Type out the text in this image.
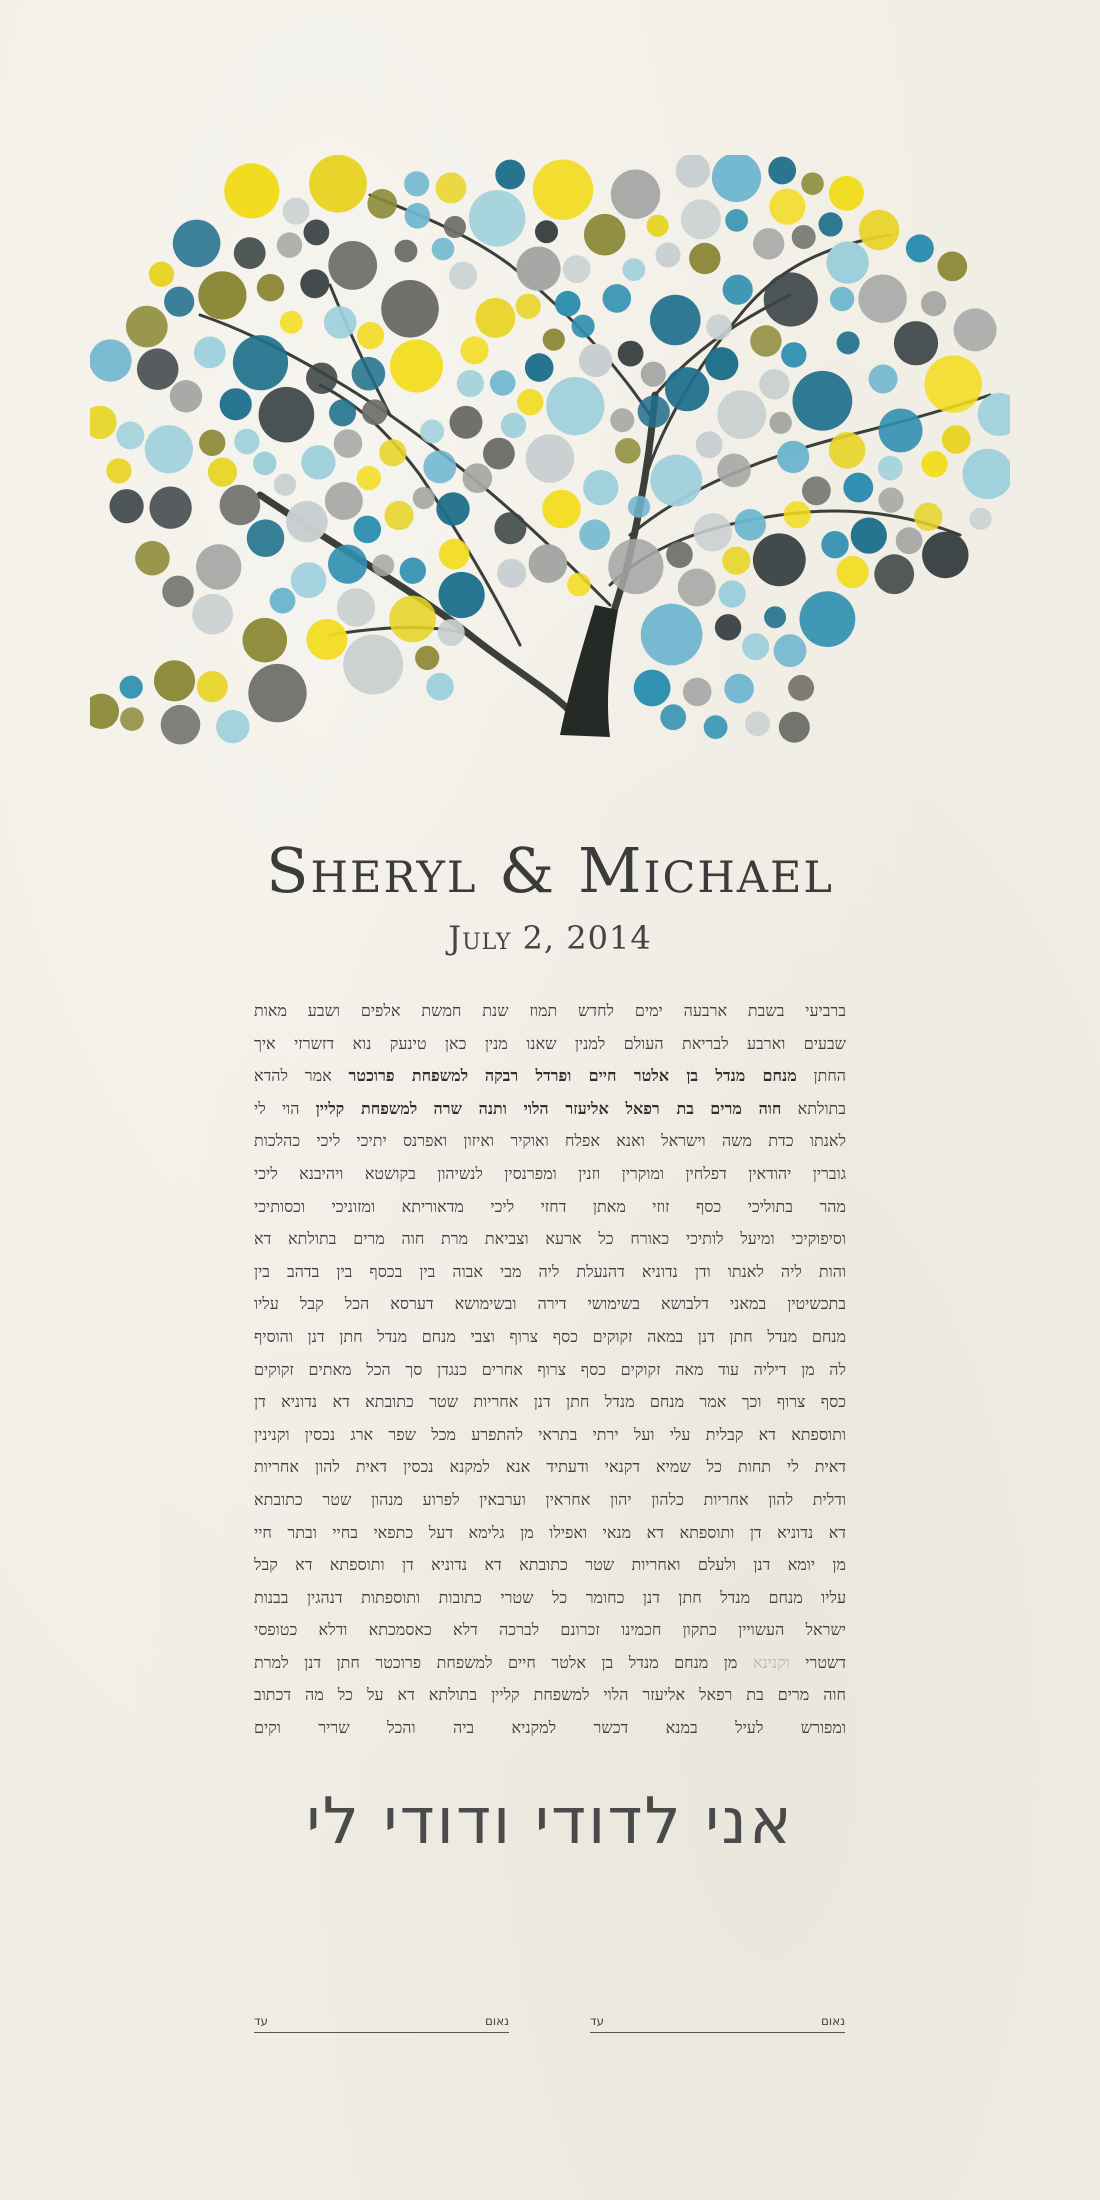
Sheryl & Michael
July 2, 2014
ברביעי בשבת ארבעה ימים לחדש תמוז שנת חמשת אלפים ושבע מאות
שבעים וארבע לבריאת העולם למנין שאנו מנין כאן טינעק נוא דזשרזי איך
החתן מנחם מנדל בן אלטר חיים ופרדל רבקה למשפחת פרוכטר אמר להדא
בתולתא חוה מרים בת רפאל אליעזר הלוי ותנה שרה למשפחת קליין הוי לי
לאנתו כדת משה וישראל ואנא אפלח ואוקיר ואיזון ואפרנס יתיכי ליכי כהלכות
גוברין יהודאין דפלחין ומוקרין וזנין ומפרנסין לנשיהון בקושטא ויהיבנא ליכי
מהר בתוליכי כסף זוזי מאתן דחזי ליכי מדאוריתא ומזוניכי וכסותיכי
וסיפוקיכי ומיעל לותיכי כאורח כל ארעא וצביאת מרת חוה מרים בתולתא דא
והות ליה לאנתו ודן נדוניא דהנעלת ליה מבי אבוה בין בכסף בין בדהב בין
בתכשיטין במאני דלבושא בשימושי דירה ובשימושא דערסא הכל קבל עליו
מנחם מנדל חתן דנן במאה זקוקים כסף צרוף וצבי מנחם מנדל חתן דנן והוסיף
לה מן דיליה עוד מאה זקוקים כסף צרוף אחרים כנגדן סך הכל מאתים זקוקים
כסף צרוף וכך אמר מנחם מנדל חתן דנן אחריות שטר כתובתא דא נדוניא דן
ותוספתא דא קבלית עלי ועל ירתי בתראי להתפרע מכל שפר ארג נכסין וקנינין
דאית לי תחות כל שמיא דקנאי ודעתיד אנא למקנא נכסין דאית להון אחריות
ודלית להון אחריות כלהון יהון אחראין וערבאין לפרוע מנהון שטר כתובתא
דא נדוניא דן ותוספתא דא מנאי ואפילו מן גלימא דעל כתפאי בחיי ובתר חיי
מן יומא דנן ולעלם ואחריות שטר כתובתא דא נדוניא דן ותוספתא דא קבל
עליו מנחם מנדל חתן דנן כחומר כל שטרי כתובות ותוספתות דנהגין בבנות
ישראל העשויין כתקון חכמינו זכרונם לברכה דלא כאסמכתא ודלא כטופסי
דשטרי וקנינא מן מנחם מנדל בן אלטר חיים למשפחת פרוכטר חתן דנן למרת
חוה מרים בת רפאל אליעזר הלוי למשפחת קליין בתולתא דא על כל מה דכתוב
ומפורש לעיל במנא דכשר למקניא ביה והכל שריר וקים
אני לדודי ודודי לי
נאום
עד	נאום
עד
